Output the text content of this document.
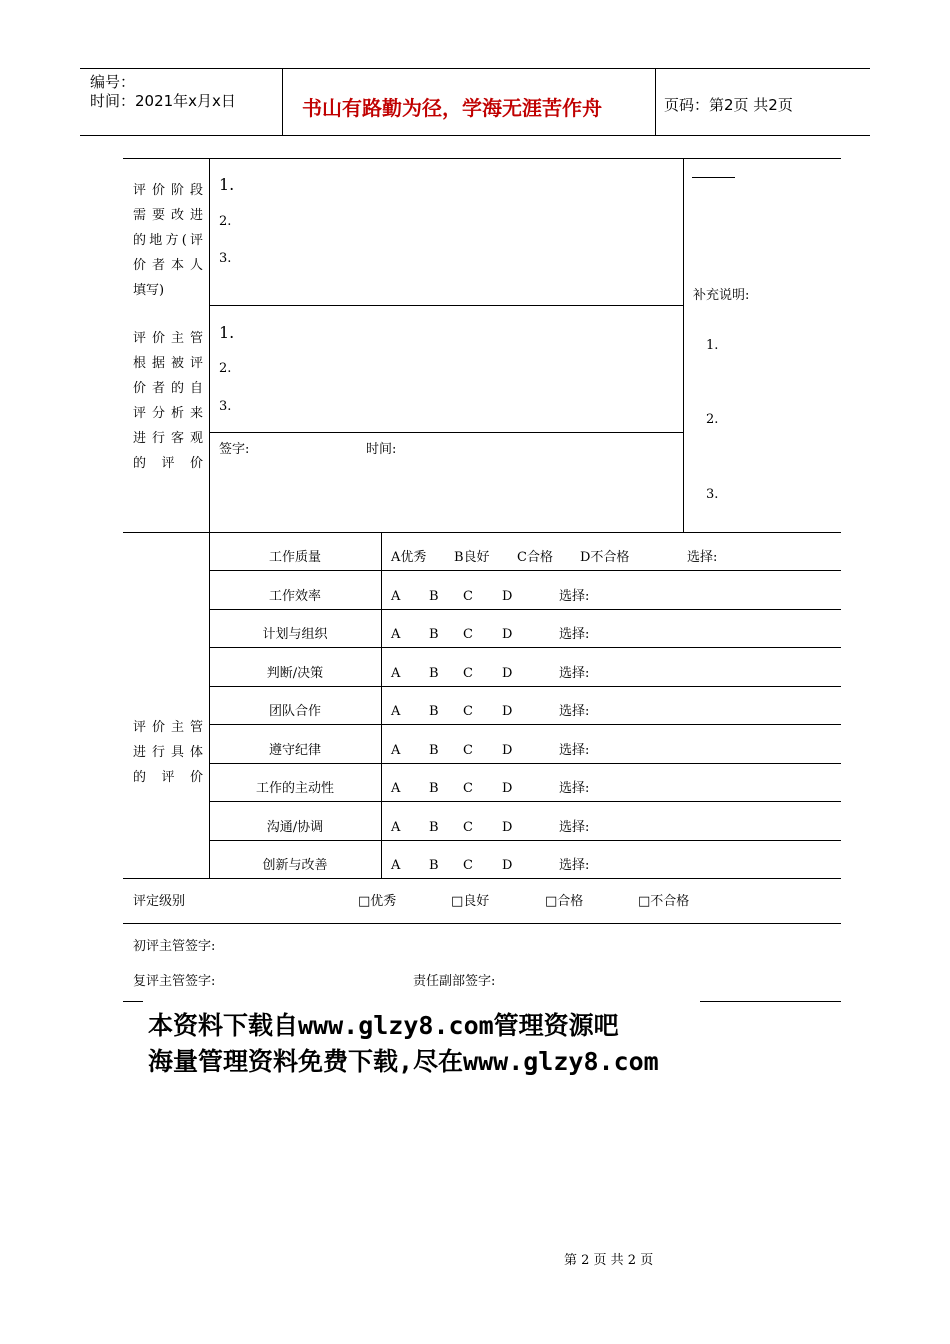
编号：
时间：2021年x月x日	书山有路勤为径，学海无涯苦作舟	页码：第2页 共2页
评价阶段
需要改进
的地方(评
价者本人
填写)
1.
2.
3.
评价主管
根据被评
价者的自
评分析来
进行客观
的 评 价
1.
2.
3.
签字:	时间:
补充说明:
1.
2.
3.
评价主管
进行具体
的 评 价
工作质量	A优秀 B良好 C合格 D不合格	选择:
工作效率	A B C D	选择:
计划与组织	A B C D	选择:
判断/决策	A B C D	选择:
团队合作	A B C D	选择:
遵守纪律	A B C D	选择:
工作的主动性	A B C D	选择:
沟通/协调	A B C D	选择:
创新与改善	A B C D	选择:
评定级别	□优秀	□良好	□合格	□不合格
初评主管签字:
复评主管签字:	责任副部签字:
本资料下载自www.glzy8.com管理资源吧
海量管理资料免费下载,尽在www.glzy8.com
第 2 页 共 2 页
